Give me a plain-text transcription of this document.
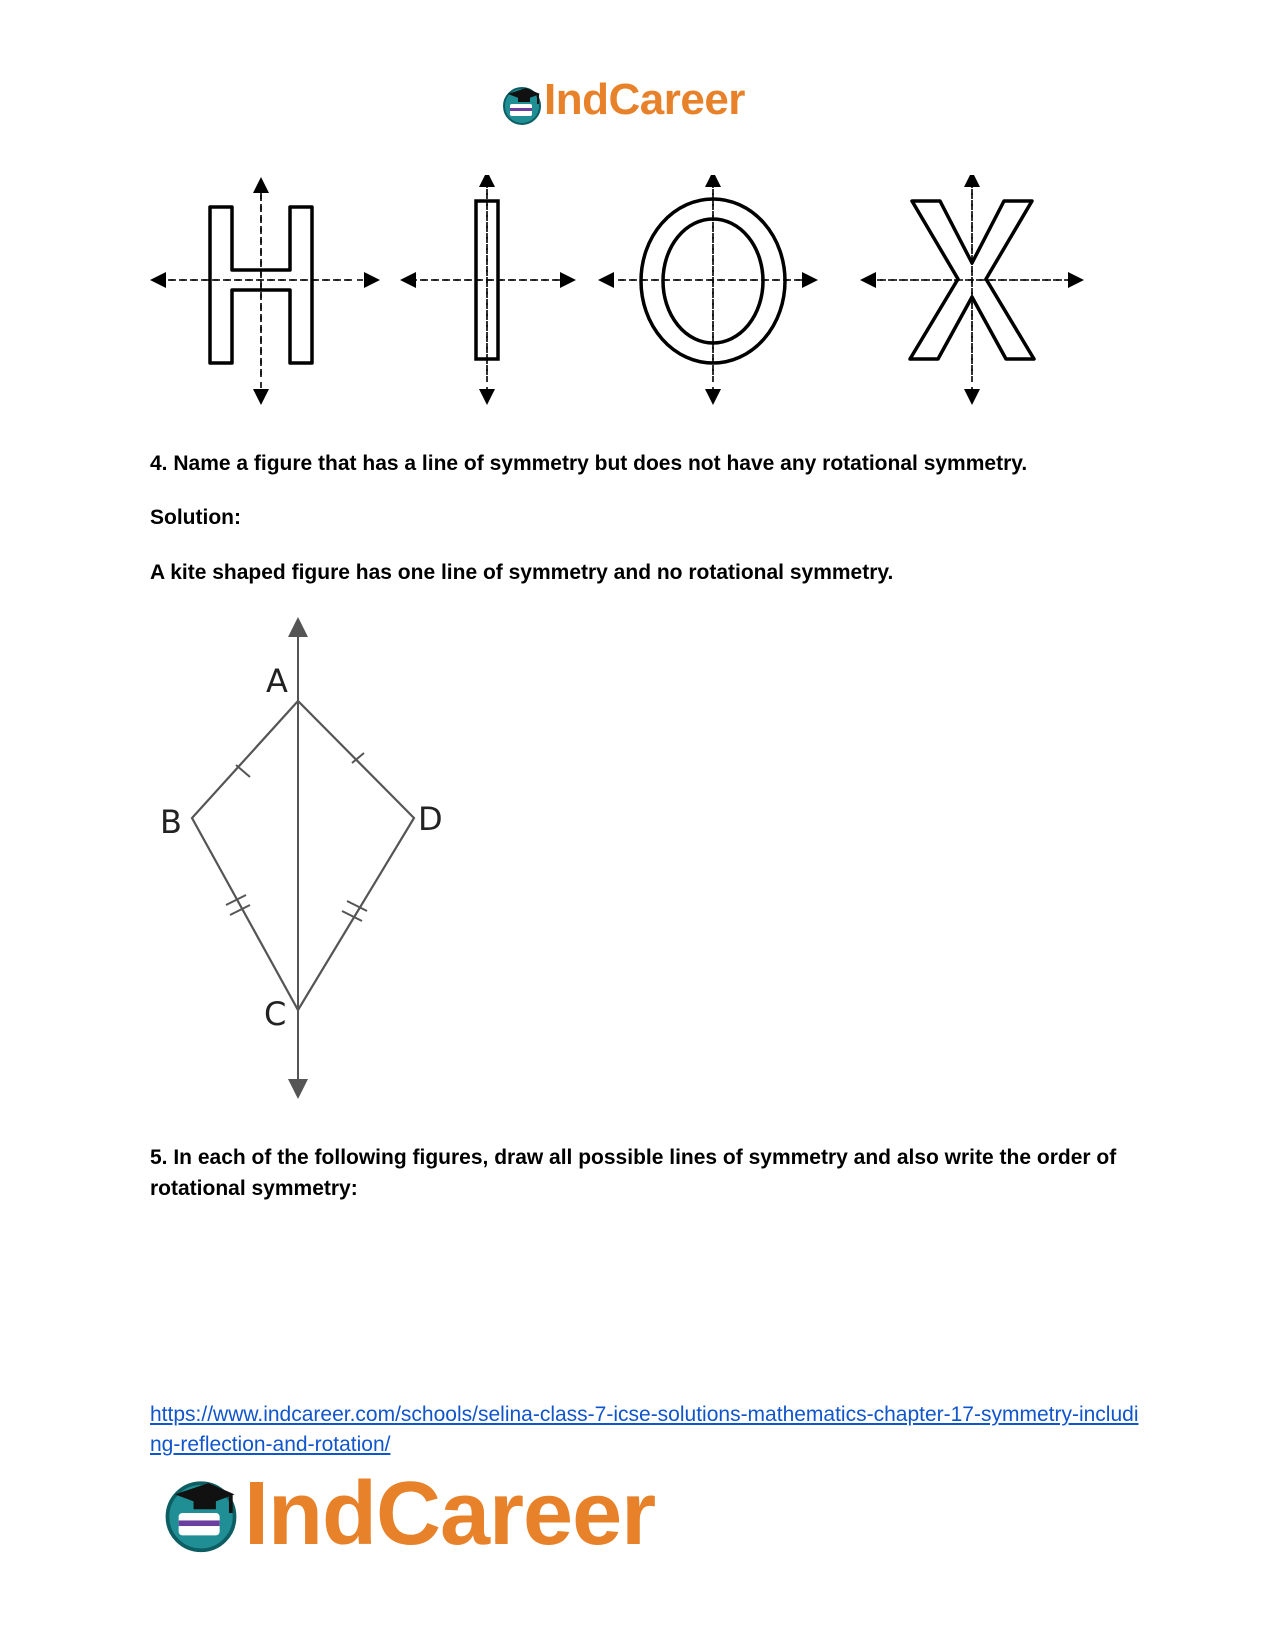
IndCareer
4. Name a figure that has a line of symmetry but does not have any rotational symmetry.
Solution:
A kite shaped figure has one line of symmetry and no rotational symmetry.
A
B
C
D
5. In each of the following figures, draw all possible lines of symmetry and also write the order of rotational symmetry:
https://www.indcareer.com/schools/selina-class-7-icse-solutions-mathematics-chapter-17-symmetry-including-reflection-and-rotation/
IndCareer
